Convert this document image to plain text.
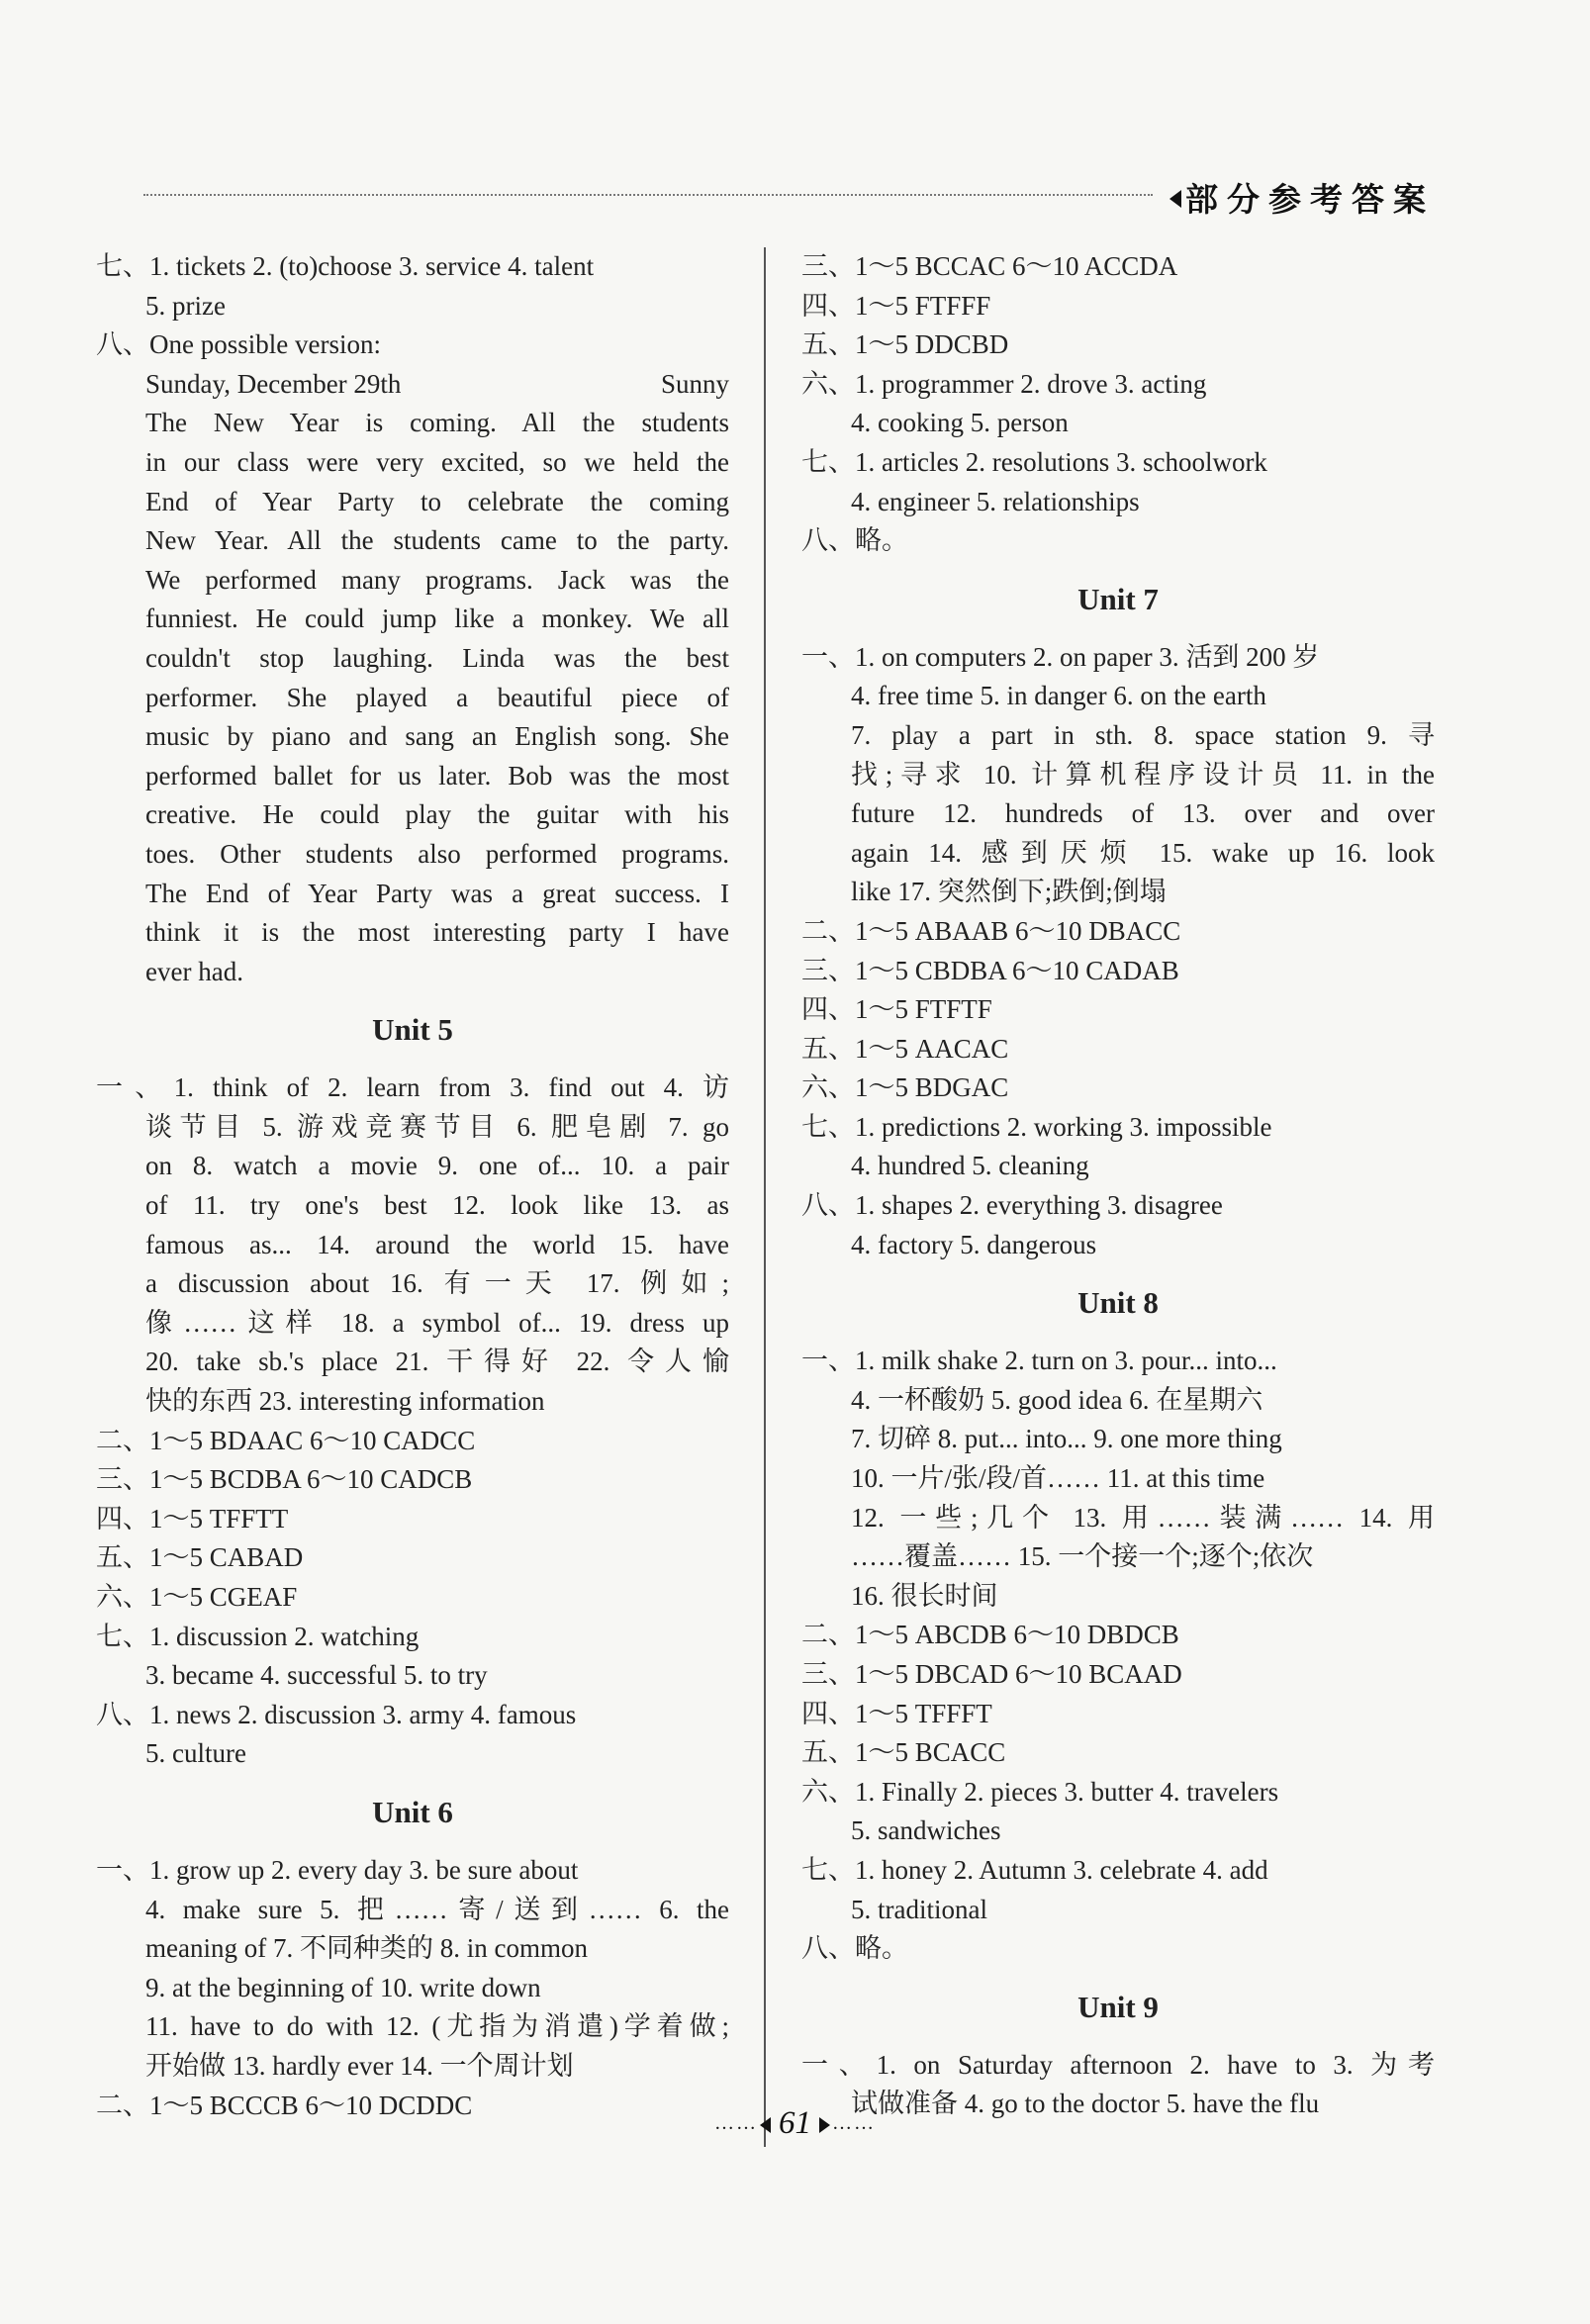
部分参考答案
七、1. tickets 2. (to)choose 3. service 4. talent
5. prize
八、One possible version:
Sunday, December 29th	Sunny
The New Year is coming. All the students
in our class were very excited, so we held the
End of Year Party to celebrate the coming
New Year. All the students came to the party.
We performed many programs. Jack was the
funniest. He could jump like a monkey. We all
couldn't stop laughing. Linda was the best
performer. She played a beautiful piece of
music by piano and sang an English song. She
performed ballet for us later. Bob was the most
creative. He could play the guitar with his
toes. Other students also performed programs.
The End of Year Party was a great success. I
think it is the most interesting party I have
ever had.
Unit 5
一、1. think of 2. learn from 3. find out 4. 访
谈节目 5. 游戏竞赛节目 6. 肥皂剧 7. go
on 8. watch a movie 9. one of... 10. a pair
of 11. try one's best 12. look like 13. as
famous as... 14. around the world 15. have
a discussion about 16. 有一天 17. 例如;
像……这样 18. a symbol of... 19. dress up
20. take sb.'s place 21. 干得好 22. 令人愉
快的东西 23. interesting information
二、1～5 BDAAC 6～10 CADCC
三、1～5 BCDBA 6～10 CADCB
四、1～5 TFFTT
五、1～5 CABAD
六、1～5 CGEAF
七、1. discussion 2. watching
3. became 4. successful 5. to try
八、1. news 2. discussion 3. army 4. famous
5. culture
Unit 6
一、1. grow up 2. every day 3. be sure about
4. make sure 5. 把……寄/送到…… 6. the
meaning of 7. 不同种类的 8. in common
9. at the beginning of 10. write down
11. have to do with 12. (尤指为消遣)学着做;
开始做 13. hardly ever 14. 一个周计划
二、1～5 BCCCB 6～10 DCDDC
三、1～5 BCCAC 6～10 ACCDA
四、1～5 FTFFF
五、1～5 DDCBD
六、1. programmer 2. drove 3. acting
4. cooking 5. person
七、1. articles 2. resolutions 3. schoolwork
4. engineer 5. relationships
八、略。
Unit 7
一、1. on computers 2. on paper 3. 活到 200 岁
4. free time 5. in danger 6. on the earth
7. play a part in sth. 8. space station 9. 寻
找;寻求 10. 计算机程序设计员 11. in the
future 12. hundreds of 13. over and over
again 14. 感到厌烦 15. wake up 16. look
like 17. 突然倒下;跌倒;倒塌
二、1～5 ABAAB 6～10 DBACC
三、1～5 CBDBA 6～10 CADAB
四、1～5 FTFTF
五、1～5 AACAC
六、1～5 BDGAC
七、1. predictions 2. working 3. impossible
4. hundred 5. cleaning
八、1. shapes 2. everything 3. disagree
4. factory 5. dangerous
Unit 8
一、1. milk shake 2. turn on 3. pour... into...
4. 一杯酸奶 5. good idea 6. 在星期六
7. 切碎 8. put... into... 9. one more thing
10. 一片/张/段/首…… 11. at this time
12. 一些;几个 13. 用……装满…… 14. 用
……覆盖…… 15. 一个接一个;逐个;依次
16. 很长时间
二、1～5 ABCDB 6～10 DBDCB
三、1～5 DBCAD 6～10 BCAAD
四、1～5 TFFFT
五、1～5 BCACC
六、1. Finally 2. pieces 3. butter 4. travelers
5. sandwiches
七、1. honey 2. Autumn 3. celebrate 4. add
5. traditional
八、略。
Unit 9
一、1. on Saturday afternoon 2. have to 3. 为考
试做准备 4. go to the doctor 5. have the flu
…… 61 ……
